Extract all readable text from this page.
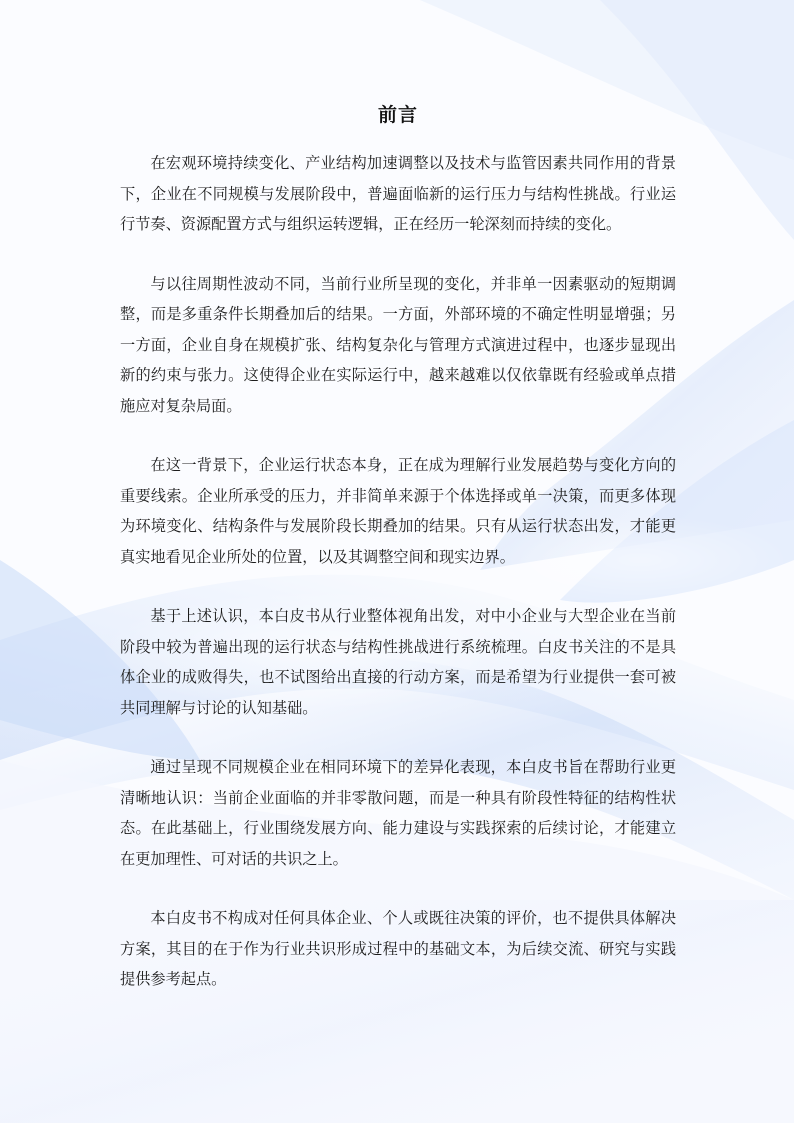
前言

在宏观环境持续变化、产业结构加速调整以及技术与监管因素共同作用的背景下，企业在不同规模与发展阶段中，普遍面临新的运行压力与结构性挑战。行业运行节奏、资源配置方式与组织运转逻辑，正在经历一轮深刻而持续的变化。

与以往周期性波动不同，当前行业所呈现的变化，并非单一因素驱动的短期调整，而是多重条件长期叠加后的结果。一方面，外部环境的不确定性明显增强；另一方面，企业自身在规模扩张、结构复杂化与管理方式演进过程中，也逐步显现出新的约束与张力。这使得企业在实际运行中，越来越难以仅依靠既有经验或单点措施应对复杂局面。

在这一背景下，企业运行状态本身，正在成为理解行业发展趋势与变化方向的重要线索。企业所承受的压力，并非简单来源于个体选择或单一决策，而更多体现为环境变化、结构条件与发展阶段长期叠加的结果。只有从运行状态出发，才能更真实地看见企业所处的位置，以及其调整空间和现实边界。

基于上述认识，本白皮书从行业整体视角出发，对中小企业与大型企业在当前阶段中较为普遍出现的运行状态与结构性挑战进行系统梳理。白皮书关注的不是具体企业的成败得失，也不试图给出直接的行动方案，而是希望为行业提供一套可被共同理解与讨论的认知基础。

通过呈现不同规模企业在相同环境下的差异化表现，本白皮书旨在帮助行业更清晰地认识：当前企业面临的并非零散问题，而是一种具有阶段性特征的结构性状态。在此基础上，行业围绕发展方向、能力建设与实践探索的后续讨论，才能建立在更加理性、可对话的共识之上。

本白皮书不构成对任何具体企业、个人或既往决策的评价，也不提供具体解决方案，其目的在于作为行业共识形成过程中的基础文本，为后续交流、研究与实践提供参考起点。
